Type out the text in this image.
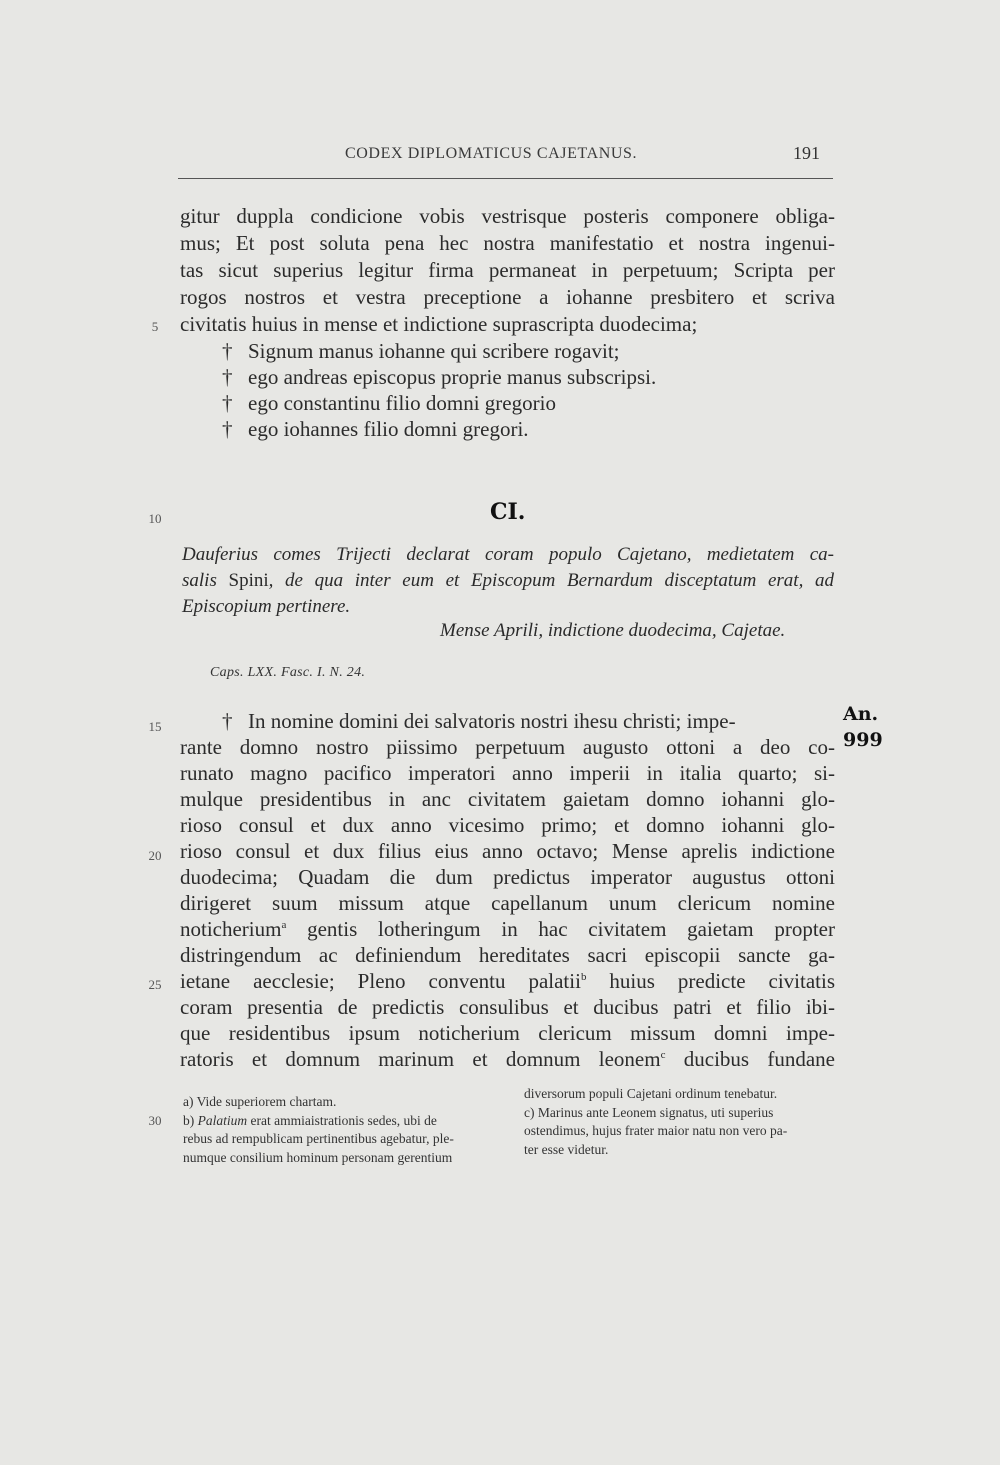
CODEX DIPLOMATICUS CAJETANUS.	191
gitur duppla condicione vobis vestrisque posteris componere obliga-
mus; Et post soluta pena hec nostra manifestatio et nostra ingenui-
tas sicut superius legitur firma permaneat in perpetuum; Scripta per
rogos nostros et vestra preceptione a iohanne presbitero et scriva
civitatis huius in mense et indictione suprascripta duodecima;
5
† Signum manus iohanne qui scribere rogavit;
† ego andreas episcopus proprie manus subscripsi.
† ego constantinu filio domni gregorio
† ego iohannes filio domni gregori.
10	CI.
Dauferius comes Trijecti declarat coram populo Cajetano, medietatem ca-
salis Spini, de qua inter eum et Episcopum Bernardum disceptatum erat, ad
Episcopium pertinere.
Mense Aprili, indictione duodecima, Cajetae.
Caps. LXX. Fasc. I. N. 24.
15
An.
999
† In nomine domini dei salvatoris nostri ihesu christi; impe-
rante domno nostro piissimo perpetuum augusto ottoni a deo co-
runato magno pacifico imperatori anno imperii in italia quarto; si-
mulque presidentibus in anc civitatem gaietam domno iohanni glo-
rioso consul et dux anno vicesimo primo; et domno iohanni glo-
rioso consul et dux filius eius anno octavo; Mense aprelis indictione
20
duodecima; Quadam die dum predictus imperator augustus ottoni
dirigeret suum missum atque capellanum unum clericum nomine
noticherium$^a$ gentis lotheringum in hac civitatem gaietam propter
distringendum ac definiendum hereditates sacri episcopii sancte ga-
ietane aecclesie; Pleno conventu palatii$^b$ huius predicte civitatis
25
coram presentia de predictis consulibus et ducibus patri et filio ibi-
que residentibus ipsum noticherium clericum missum domni impe-
ratoris et domnum marinum et domnum leonem$^c$ ducibus fundane
a) Vide superiorem chartam.
b) Palatium erat ammiaistrationis sedes, ubi de
rebus ad rempublicam pertinentibus agebatur, ple-
numque consilium hominum personam gerentium
30
diversorum populi Cajetani ordinum tenebatur.
c) Marinus ante Leonem signatus, uti superius
ostendimus, hujus frater maior natu non vero pa-
ter esse videtur.
